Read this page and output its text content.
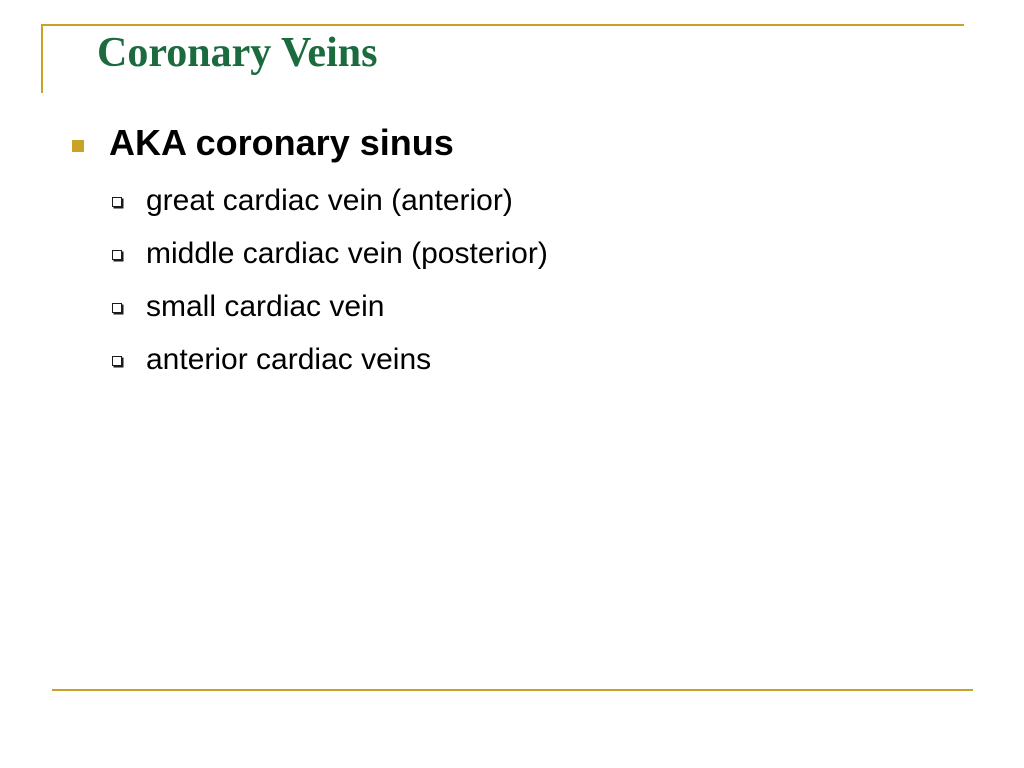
Coronary Veins
AKA coronary sinus
great cardiac vein (anterior)
middle cardiac vein (posterior)
small cardiac vein
anterior cardiac veins
